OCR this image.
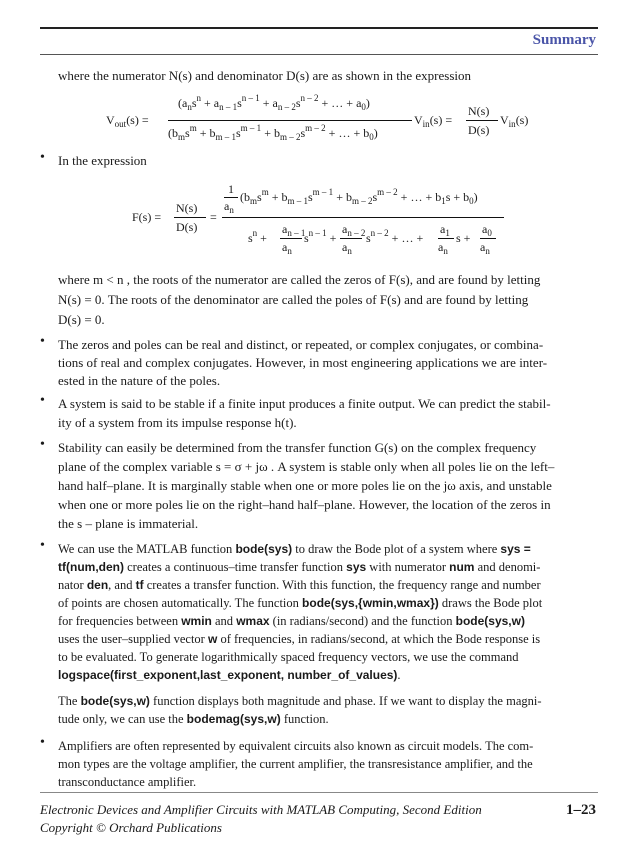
Summary
where the numerator N(s) and denominator D(s) are as shown in the expression
$V_{out}(s)$ =
($a_ns^n + a_{n - 1}s^{n - 1} + a_{n - 2}s^{n - 2}$ + … + $a_0$)
($b_ms^m + b_{m - 1}s^{m - 1} + b_{m - 2}s^{m - 2}$ + … + $b_0$)
$V_{in}(s)$ =
N(s)
D(s)
$V_{in}(s)$
• In the expression
F(s) =
N(s)
D(s)
=
1
$a_n$
($b_ms^m + b_{m - 1}s^{m - 1} + b_{m - 2}s^{m - 2}$ + … + $b_1s + b_0$)
$s^n$ +
$a_{n - 1}$
$a_n$
$s^{n - 1}$ +
$a_{n - 2}$
$a_n$
$s^{n - 2}$ + … +
$a_1$
$a_n$
s +
$a_0$
$a_n$
where m < n , the roots of the numerator are called the zeros of F(s), and are found by letting
N(s) = 0. The roots of the denominator are called the poles of F(s) and are found by letting
D(s) = 0.
• The zeros and poles can be real and distinct, or repeated, or complex conjugates, or combina-
tions of real and complex conjugates. However, in most engineering applications we are inter-
ested in the nature of the poles.
• A system is said to be stable if a finite input produces a finite output. We can predict the stabil-
ity of a system from its impulse response h(t).
• Stability can easily be determined from the transfer function G(s) on the complex frequency
plane of the complex variable s = σ + jω . A system is stable only when all poles lie on the left–
hand half–plane. It is marginally stable when one or more poles lie on the jω axis, and unstable
when one or more poles lie on the right–hand half–plane. However, the location of the zeros in
the s – plane is immaterial.
• We can use the MATLAB function bode(sys) to draw the Bode plot of a system where sys =
tf(num,den) creates a continuous–time transfer function sys with numerator num and denomi-
nator den, and tf creates a transfer function. With this function, the frequency range and number
of points are chosen automatically. The function bode(sys,{wmin,wmax}) draws the Bode plot
for frequencies between wmin and wmax (in radians/second) and the function bode(sys,w)
uses the user–supplied vector w of frequencies, in radians/second, at which the Bode response is
to be evaluated. To generate logarithmically spaced frequency vectors, we use the command
logspace(first_exponent,last_exponent, number_of_values).
The bode(sys,w) function displays both magnitude and phase. If we want to display the magni-
tude only, we can use the bodemag(sys,w) function.
• Amplifiers are often represented by equivalent circuits also known as circuit models. The com-
mon types are the voltage amplifier, the current amplifier, the transresistance amplifier, and the
transconductance amplifier.
Electronic Devices and Amplifier Circuits with MATLAB Computing, Second Edition
Copyright © Orchard Publications
1–23
